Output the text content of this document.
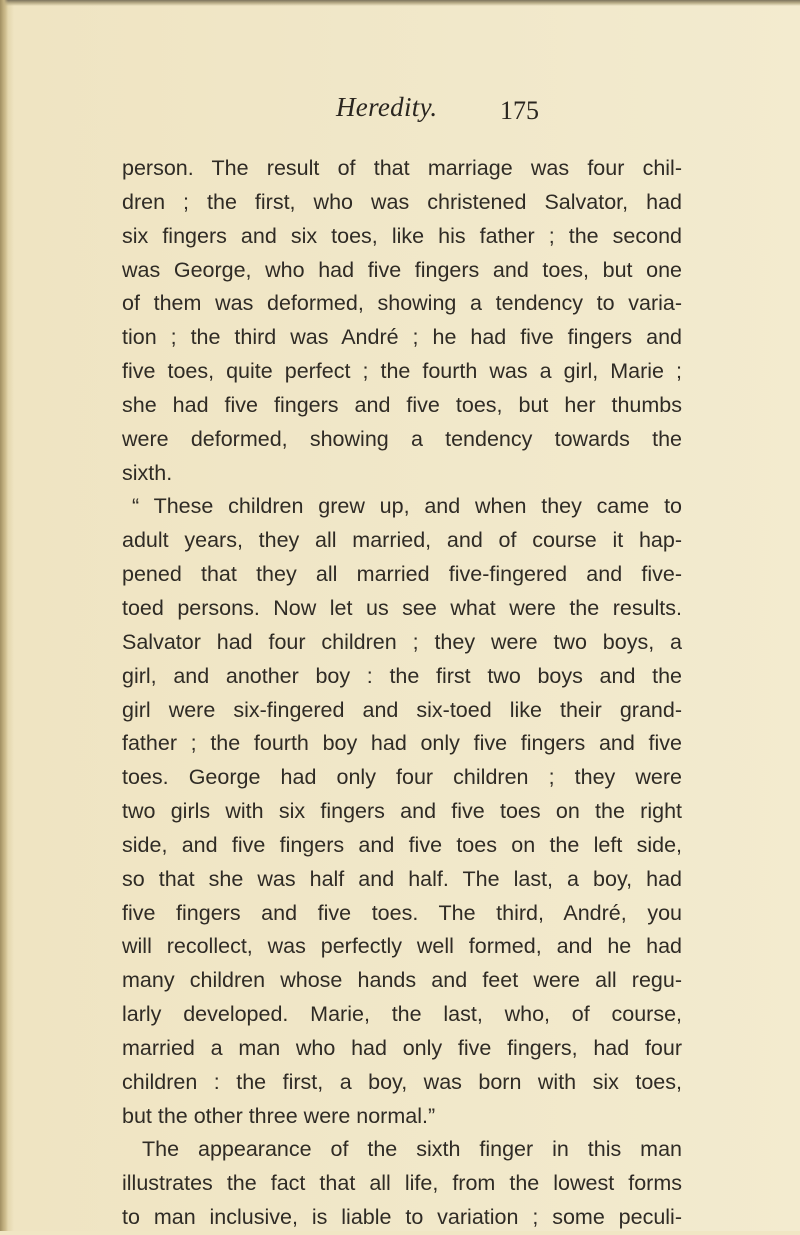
Heredity. 175
person. The result of that marriage was four chil-
dren ; the first, who was christened Salvator, had
six fingers and six toes, like his father ; the second
was George, who had five fingers and toes, but one
of them was deformed, showing a tendency to varia-
tion ; the third was André ; he had five fingers and
five toes, quite perfect ; the fourth was a girl, Marie ;
she had five fingers and five toes, but her thumbs
were deformed, showing a tendency towards the
sixth.
“ These children grew up, and when they came to
adult years, they all married, and of course it hap-
pened that they all married five-fingered and five-
toed persons. Now let us see what were the results.
Salvator had four children ; they were two boys, a
girl, and another boy : the first two boys and the
girl were six-fingered and six-toed like their grand-
father ; the fourth boy had only five fingers and five
toes. George had only four children ; they were
two girls with six fingers and five toes on the right
side, and five fingers and five toes on the left side,
so that she was half and half. The last, a boy, had
five fingers and five toes. The third, André, you
will recollect, was perfectly well formed, and he had
many children whose hands and feet were all regu-
larly developed. Marie, the last, who, of course,
married a man who had only five fingers, had four
children : the first, a boy, was born with six toes,
but the other three were normal.”
The appearance of the sixth finger in this man
illustrates the fact that all life, from the lowest forms
to man inclusive, is liable to variation ; some peculi-
